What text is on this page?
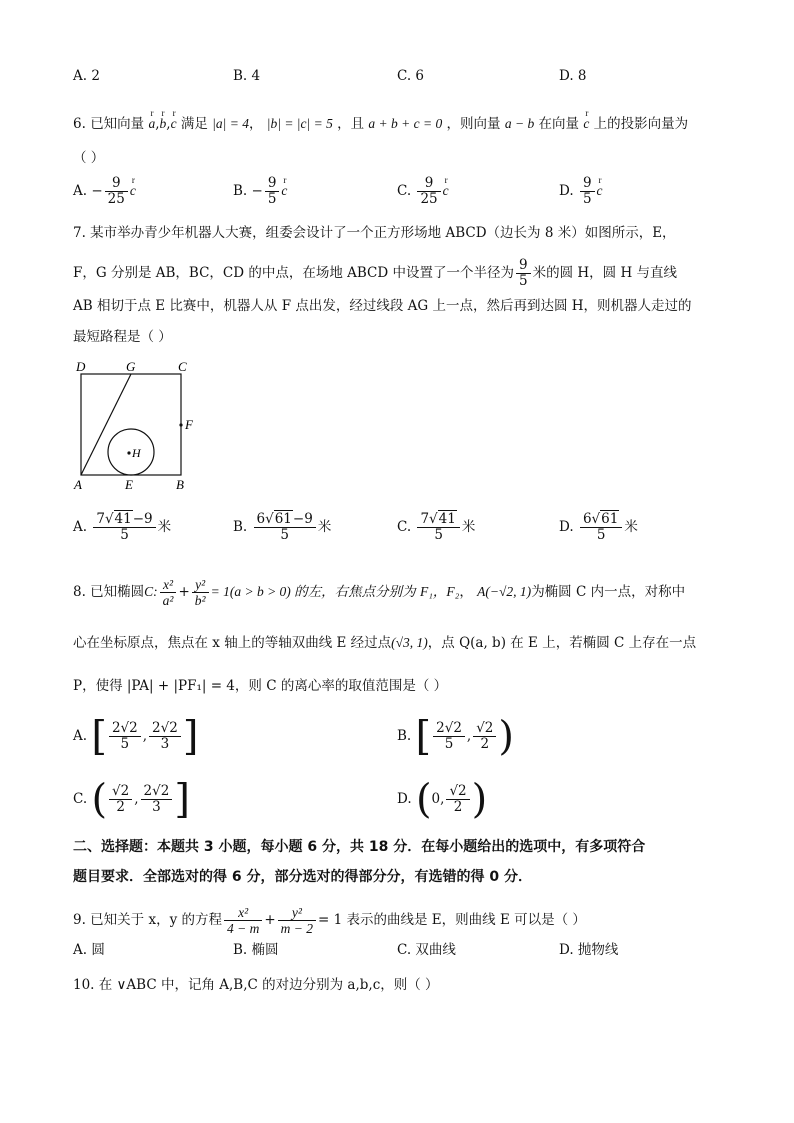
A. 2	B. 4	C. 6	D. 8
6. 已知向量 r a,r b,r c 满足 |a| = 4， |b| = |c| = 5 ，且 a + b + c = 0 ，则向量 a − b 在向量 r c 上的投影向量为
（ ）
A. − $\frac{9}{25}$ r c	B. − $\frac{9}{5}$ r c	C. $\frac{9}{25}$ r c	D. $\frac{9}{5}$ r c
7. 某市举办青少年机器人大赛，组委会设计了一个正方形场地 ABCD（边长为 8 米）如图所示，E，
F，G 分别是 AB，BC，CD 的中点，在场地 ABCD 中设置了一个半径为 $\frac{9}{5}$ 米的圆 H，圆 H 与直线
AB 相切于点 E 比赛中，机器人从 F 点出发，经过线段 AG 上一点，然后再到达圆 H，则机器人走过的
最短路程是（ ）
D	G	C
F
H
A	E	B
A. $\frac{7√41-9}{5}$ 米	B. $\frac{6√61-9}{5}$ 米	C. $\frac{7√41}{5}$ 米	D. $\frac{6√61}{5}$ 米
8. 已知椭圆C: $\frac{\text{x²}}{\text{a²}} + \frac{\text{y²}}{\text{b²}} = 1(a > b > 0)$ 的左，右焦点分别为 F₁，F₂， A(−√2, 1)为椭圆 C 内一点，对称中
心在坐标原点，焦点在 x 轴上的等轴双曲线 E 经过点(√3, 1)，点 Q(a, b) 在 E 上，若椭圆 C 上存在一点
P，使得 |PA| + |PF₁| = 4，则 C 的离心率的取值范围是（ ）
A. [ $\frac{2√2}{5}$ , $\frac{2√2}{3}$ ]	B. [ $\frac{2√2}{5}$ , $\frac{√2}{2}$ )
C. ( $\frac{√2}{2}$ , $\frac{2√2}{3}$ ]	D. (0, $\frac{√2}{2}$ )
二、选择题：本题共 3 小题，每小题 6 分，共 18 分．在每小题给出的选项中，有多项符合
题目要求．全部选对的得 6 分，部分选对的得部分分，有选错的得 0 分．
9. 已知关于 x，y 的方程 $\frac{\text{x²}}{4 - m} + \frac{\text{y²}}{m - 2} = 1$ 表示的曲线是 E，则曲线 E 可以是（ ）
A. 圆	B. 椭圆	C. 双曲线	D. 抛物线
10. 在 ∨ABC 中，记角 A,B,C 的对边分别为 a,b,c，则（ ）
